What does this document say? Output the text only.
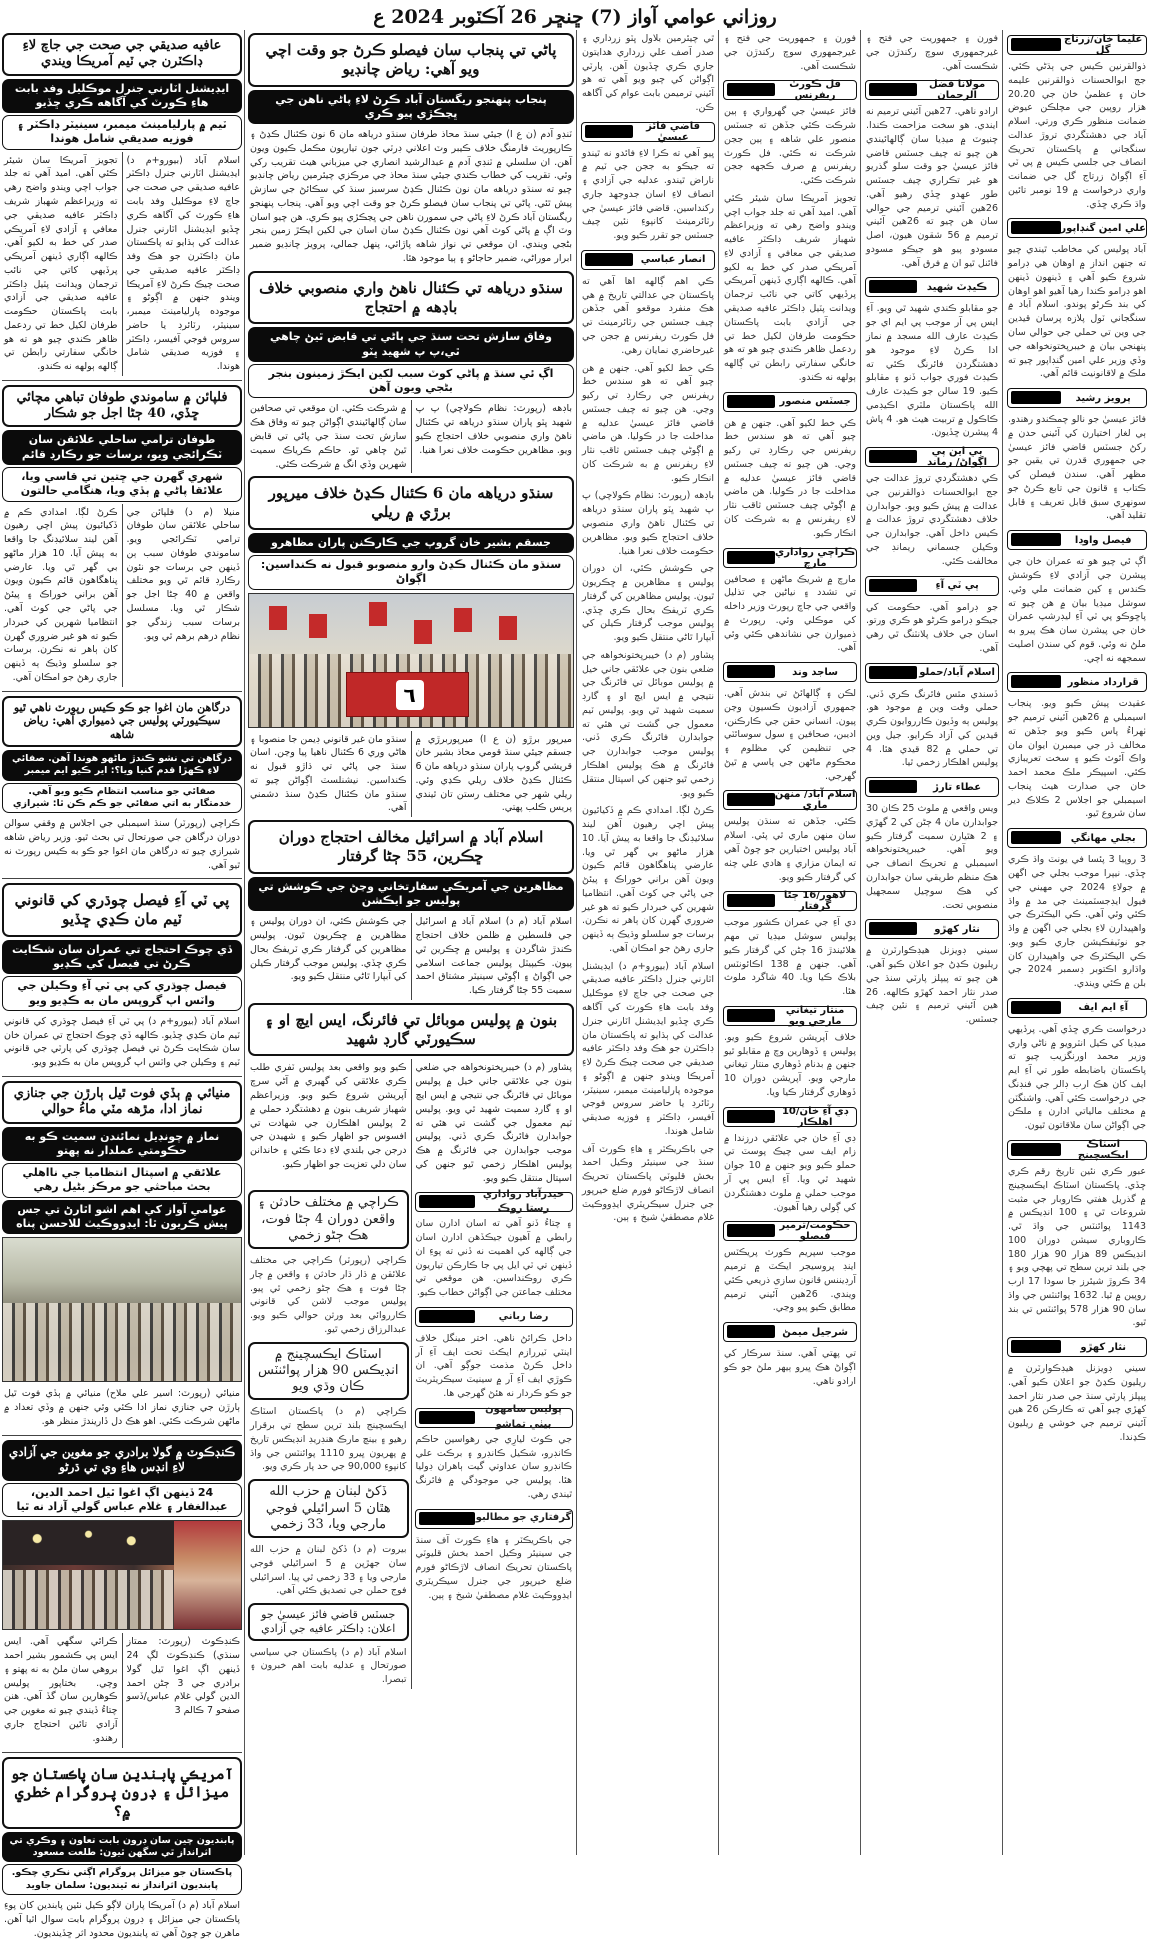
روزاني عوامي آواز (7) ڇنڇر 26 آڪٽوبر 2024 ع
عافيه صديقي جي صحت جي جاچ لاءِ ڊاڪٽرن جي ٽيم آمريڪا ويندي
ايڊيشنل اٽارني جنرل موڪليل وفد بابت هاءِ ڪورٽ کي آگاهه ڪري ڇڏيو
ٽيم ۾ پارليامينٽ ميمبر، سينيٽر ڊاڪٽر ۽ فوزيه صديقي شامل هوندا
اسلام آباد (بيورو+م د) ايڊيشنل اٽارني جنرل ڊاڪٽر عافيه صديقي جي صحت جي جاچ لاءِ موڪليل وفد بابت هاءِ ڪورٽ کي آگاهه ڪري ڇڏيو ايڊيشنل اٽارني جنرل عدالت کي ٻڌايو ته پاڪستان مان ڊاڪٽرن جو هڪ وفد ڊاڪٽر عافيه صديقي جي صحت چيڪ ڪرڻ لاءِ آمريڪا ويندو جنهن ۾ اڳوڻو ۽ موجوده پارليامينٽ ميمبر، سينيٽر، رٽائرڊ يا حاضر سروس فوجي آفيسر، ڊاڪٽر ۽ فوزيه صديقي شامل هوندا.
تجويز آمريڪا سان شيئر ڪئي آهي. اميد آهي ته جلد جواب اچي ويندو واضح رهي ته وزيراعظم شهباز شريف ڊاڪٽر عافيه صديقي جي معافي ۽ آزادي لاءِ آمريڪي صدر کي خط به لکيو آهي. ڪالهه اڳاري ڏينهن آمريڪي پرڏيهي کاتي جي نائب ترجمان ويدانت پٽيل ڊاڪٽر عافيه صديقي جي آزادي بابت پاڪستان حڪومت طرفان لکيل خط تي ردعمل ظاهر ڪندي چيو هو ته هو خانگي سفارتي رابطن تي ڳالهه ٻولهه نه ڪندو.
فلپائن ۾ ساموندي طوفان تباهي مچائي ڇڏي، 40 ڄڻا اجل جو شڪار
طوفان ترامي ساحلي علائقن سان ٽڪرائجي ويو، برسات جو رڪارڊ قائم
شهري گهرن جي ڇتين تي قاسي ويا، علائقا پاڻي ۾ ٻڏي ويا، هنگامي حالتون
منيلا (م د) فلپائن جي ساحلي علائقن سان طوفان ترامي ٽڪرائجي ويو. ساموندي طوفان سبب ٻن ڏينهن جي برسات جو نئون رڪارڊ قائم ٿي ويو مختلف واقعن ۾ 40 ڄڻا اجل جو شڪار ٿي ويا. مسلسل برسات سبب زندگي جو نظام درهم برهم ٿي ويو.
ڪرڻ لڳا. امدادي ڪم ۾ ڏکيائيون پيش اچي رهيون آهن ليند سلائيڊنگ جا واقعا به پيش آيا. 10 هزار ماڻهو بي گهر ٿي ويا. عارضي پناهگاهون قائم ڪيون ويون آهن براني خوراڪ ۽ پيئڻ جي پاڻي جي کوٽ آهي. انتظاميا شهرين کي خبردار ڪيو ته هو غير ضروري گهرن کان ٻاهر نه نڪرن. برسات جو سلسلو وڌيڪ ٻه ڏينهن جاري رهڻ جو امڪان آهي.
درگاهن مان اغوا جو ڪو ڪيس رپورٽ ناهي ٿيو سيڪيورٽي پوليس جي ذميواري آهي: رياض شاهه
درگاهن تي نشو ڪندڙ ماڻهو هوندا آهن. صفائي لاءِ ڪهڙا قدم کنيا ويا؟: اير ڪيو ايم ميمبر
صفائي جو مناسب انتظام ڪيو ويو آهي. خدمتگار به اتي صفائي جو ڪم ڪن ٿا: شيرازي
ڪراچي (رپورٽر) سنڌ اسيمبلي جي اجلاس ۾ وقفي سوالن دوران درگاهن جي صورتحال تي بحث ٿيو. وزير رياض شاهه شيرازي چيو ته درگاهن مان اغوا جو ڪو به ڪيس رپورٽ نه ٿيو آهي.
پي ٽي آءِ فيصل چوڌري کي قانوني ٽيم مان ڪڍي ڇڏيو
ڏي چوڪ احتجاج تي عمران سان شڪايت ڪرڻ تي فيصل کي ڪڍيو
فيصل چوڌري کي پي ٽي آءِ وڪيلن جي واٽس اپ گروپس مان به ڪڍيو ويو
اسلام آباد (بيورو+م د) پي ٽي آءِ فيصل چوڌري کي قانوني ٽيم مان ڪڍي ڇڏيو. ڪالهه ڏي چوڪ احتجاج تي عمران خان سان شڪايت ڪرڻ تي فيصل چوڌري کي پارٽي جي قانوني ٽيم ۽ وڪيلن جي واٽس اپ گروپس مان به ڪڍيو ويو.
منيائي ۾ ٻڏي فوت ٿيل ٻارڙن جي جنازي نماز ادا، مڙهه مٽي ماءُ حوالي
نماز ۾ چونڊيل نمائندن سميت ڪو به حڪومتي عملدار نه پهتو
علائقي ۾ اسپتال انتظاميا جي نااهلي بحث مباحثي جو مرڪز بڻيل رهي
عوامي آواز کي اهم اشو اٿارڻ تي جس پيش ڪريون ٿا: ايڊووڪيٽ للاحسن پناه
منيائي (رپورٽ: اسير علي ملاح) منيائي ۾ ٻڏي فوت ٿيل ٻارڙن جي جنازي نماز ادا ڪئي وئي جنهن ۾ وڏي تعداد ۾ ماڻهن شرڪت ڪئي. اهو هڪ دل ڏاريندڙ منظر هو.
ڪنڊڪوٽ ۾ گولا برادري جو مغوين جي آزادي لاءِ انڊس هاءِ وي تي ڌرڻو
24 ڏينهن اڳ اغوا ٿيل احمد الدين، عبدالغفار ۽ غلام عباس گولي آزاد نه ٿيا
ڪنڊڪوٽ (رپورٽ: ممتاز سنڌي) ڪنڊڪوٽ لڳ 24 ڏينهن اڳ اغوا ٿيل گولا برادري جي 3 ڄڻن احمد الدين گولي غلام عباس/ڏسو صفحو 7 ڪالم 3
ڪرائي سگهي آهي. ايس ايس پي ڪشمور بشير احمد بروهي سان ملڻ به نه پهتو ۽ وچي. بختاپور پوليس ڪوهارين سان گڏ آهي. هنن چتاءُ ڏيندي چيو ته مغوين جي آزادي تائين احتجاج جاري رهندو.
آمريڪي پابندين سان پاڪستان جو ميزائل ۽ ڊرون پروگرام خطري ۾؟
پابنديون چين سان ڊرون بابت تعاون ۽ وڪري تي اثرانداز ٿي سگهن ٿيون: طلعت مسعود
پاڪستان جو ميزائل پروگرام اڳتي نڪري چڪو. پابنديون اثرانداز نه ٿينديون: سلمان جاويد
اسلام آباد (م د) آمريڪا پاران لاڳو ڪيل نئين پابندين کان پوءِ پاڪستان جي ميزائل ۽ ڊرون پروگرام بابت سوال اٿيا آهن. ماهرن جو چوڻ آهي ته پابنديون محدود اثر ڇڏينديون.
پاڻي تي پنجاب سان فيصلو ڪرڻ جو وقت اچي ويو آهي: رياض چانڊيو
پنجاب پنهنجو ريگستان آباد ڪرڻ لاءِ پاڻي ناهن جي ڀڃڪڙي پيو ڪري
ٽنڊو آدم (ن ع ا) جيئي سنڌ محاذ طرفان سنڌو درياهه مان 6 نون ڪئنال ڪڍڻ ۽ ڪارپوريٽ فارمنگ خلاف ڪيبر وٽ اعلاني ڊرٽي جون تياريون مڪمل ڪيون ويون آهن. ان سلسلي ۾ ٽنڊي آدم ۾ عبدالرشيد انصاري جي ميزباني هيٺ تقريب رکي وئي. تقريب کي خطاب ڪندي جيئي سنڌ محاذ جي مرڪزي چيئرمين رياض چانڊيو چيو ته سنڌو درياهه مان نون ڪئنال ڪڍڻ سرسبز سنڌ کي سڪائڻ جي سازش پيش ٿئي. پاڻي تي پنجاب سان فيصلو ڪرڻ جو وقت اچي ويو آهي. پنجاب پنهنجو ريگستان آباد ڪرڻ لاءِ پاڻي جي سمورن ناهن جي ڀڃڪڙي پيو ڪري. هن چيو اسان وٽ اڳ ۾ پاڻي کوٽ آهي نون ڪئنال ڪڍڻ سان اسان جي لکين ايڪڙ زمين بنجر بڻجي ويندي. ان موقعي تي نواز شاهه پاڙائي، پنهل جمالي، پرويز چانڊيو ضمير ابرار موراڻي، ضمير حاجاڻو ۽ ٻيا موجود هئا.
سنڌو درياهه تي ڪئنال ناهڻ واري منصوبي خلاف باڊهه ۾ احتجاج
وفاق سازش تحت سنڌ جي پاڻي تي قابض ٿيڻ چاهي ٿي،پ پ شهيد ڀٽو
اڳ ئي سنڌ ۾ پاڻي کوٽ سبب لکين ايڪڙ زمينون بنجر بڻجي ويون آهن
باڊهه (رپورٽ: نظام ڪولاچي) پ پ شهيد ڀٽو پاران سنڌو درياهه تي ڪئنال ناهڻ واري منصوبي خلاف احتجاج ڪيو ويو. مظاهرين حڪومت خلاف نعرا هنيا.
۾ شرڪت ڪئي. ان موقعي تي صحافين سان ڳالهائيندي اڳواڻن چيو ته وفاق هڪ سازش تحت سنڌ جي پاڻي تي قابض ٿيڻ چاهي ٿو. حاڪم ڪرياڪ سميت شهرين وڏي انگ ۾ شرڪت ڪئي.
سنڌو درياهه مان 6 ڪئنال ڪڍڻ خلاف ميرپور برڙي ۾ ريلي
جسقم بشير خان گروپ جي ڪارڪنن پاران مظاهرو
سنڌو مان ڪئنال ڪڍڻ وارو منصوبو قبول نه ڪنداسين: اڳواڻ
٦
ميرپور برڙو (ن ع ا) ميرپوربرڙي ۾ جسقم جيئي سنڌ قومي محاذ بشير خان قريشي گروپ پاران سنڌو درياهه مان 6 ڪئنال ڪڍڻ خلاف ريلي ڪڍي وئي. ريلي شهر جي مختلف رستن تان ٿيندي پريس ڪلب پهتي.
سنڌو مان غير قانوني ڊيمن جا منصوبا ۽ هاڻي وري 6 ڪئنال ناهيا پيا وڃن. اسان سنڌ جي پاڻي تي ڌاڙو قبول نه ڪنداسين. نيشنلسٽ اڳواڻن چيو ته سنڌو مان ڪئنال ڪڍڻ سنڌ دشمني آهي.
اسلام آباد ۾ اسرائيل مخالف احتجاج دوران ڇڪرين، 55 ڄڻا گرفتار
مظاهرين جي آمريڪي سفارتخاني وڃڻ جي ڪوشش تي پوليس جو ايڪشن
اسلام آباد (م د) اسلام آباد ۾ اسرائيل جي فلسطين ۾ ظلمن خلاف احتجاج ڪندڙ شاگردن ۽ پوليس ۾ ڇڪرين ٿي پيون. ڪيپيٽل پوليس جماعت اسلامي جي اڳواڻ ۽ اڳوڻي سينيٽر مشتاق احمد سميت 55 ڄڻا گرفتار ڪيا.
جي ڪوشش ڪئي، ان دوران پوليس ۽ مظاهرين ۾ ڇڪريون ٿيون. پوليس مظاهرين کي گرفتار ڪري ٽريفڪ بحال ڪري ڇڏي. پوليس موجب گرفتار ڪيلن کي آبپارا ٿاڻي منتقل ڪيو ويو.
بنون ۾ پوليس موبائل تي فائرنگ، ايس ايچ او ۽ سڪيورٽي گارڊ شهيد
پشاور (م د) خيبرپختونخواهه جي ضلعي بنون جي علائقي جاني خيل ۾ پوليس موبائل تي فائرنگ جي نتيجي ۾ ايس ايچ او ۽ گارڊ سميت شهيد ٿي ويو. پوليس ٽيم معمول جي گشت تي هئي ته جوابدارن فائرنگ ڪري ڏني. پوليس موجب جوابدارن جي فائرنگ ۾ هڪ پوليس اهلڪار زخمي ٿيو جنهن کي اسپتال منتقل ڪيو ويو.
ڪيو ويو واقعي بعد پوليس ٽفري طلب ڪري علائقي کي گهيري ۾ آڻي سرچ آپريشن شروع ڪيو ويو. وزيراعظم شهباز شريف بنون ۾ دهشتگرد حملي ۾ 2 پوليس اهلڪارن جي شهادت تي افسوس جو اظهار ڪيو ۽ شهيدن جي درجن جي بلندي لاءِ دعا ڪئي ۽ خاندانن سان دلي تعزيت جو اظهار ڪيو.
حيدرآباد رواداري رستا روڪ
۽ چتاءُ ڏنو آهي ته اسان ادارن سان رابطي ۾ آهيون جيڪڏهن ادارن اسان جي ڳالهه کي اهميت نه ڏني ته پوءِ ان ڏينهن تي ٽي ايل پي جا ڪارڪن تياريون ڪري روڪنداسين. هن موقعي تي مختلف جماعتن جي اڳواڻن خطاب ڪيو.
رضا رباني
داخل ڪرائڻ ناهي. اختر مينگل خلاف اينٽي ٽيررازم ايڪٽ تحت ايف آءِ آر داخل ڪرڻ مذمت جوڳو آهي. ان ڪوڙي ايف آءِ آر ۾ سينيٽ سيڪريٽريٽ جو ڪو ڪردار نه هئڻ گهرجي ها.
پوليس سامهون بيٺي تماشو
جي ڪوٽ ليارِي جي رهواسين حاڪم ڪانڊرو، شڪيل ڪانڊرو ۽ برڪت علي ڪانڊرو سان عداوتي گيت ٻاهران ڊوليا هئا. پوليس جي موجودگي ۾ فائرنگ ٿيندي رهي.
گرفتاري جو مطالبو
جي باڪريڪٽر ۽ هاءِ ڪورٽ آف سنڌ جي سينيئر وڪيل احمد بخش قليوٽي پاڪستان تحريڪ انصاف لاڙڪاڻو فورم ضلع خيرپور جي جنرل سيڪريٽري ايڊووڪيٽ غلام مصطفيٰ شيخ ۽ ٻين.
ڪراچي ۾ مختلف حادثن ۽ واقعن دوران 4 ڄڻا فوت، هڪ ڄڻو زخمي
ڪراچي (رپورٽر) ڪراچي جي مختلف علائقن ۾ ڌار ڌار حادثن ۽ واقعن ۾ چار ڄڻا فوت ۽ هڪ ڄڻو زخمي ٿي پيو. پوليس موجب لاشن کي قانوني ڪارروائي بعد ورثن حوالي ڪيو ويو. عبدالرزاق زخمي ٿيو.
اسٽاڪ ايڪسچينج ۾ انڊيڪس 90 هزار پوائنٽس ڪان وڌي ويو
ڪراچي (م د) پاڪستان اسٽاڪ ايڪسچينج بلند ترين سطح تي برقرار رهيو ۽ بينچ مارڪ هنڊريڊ انڊيڪس تاريخ ۾ پهريون ڀيرو 1110 پوائنٽس جي واڌ کانپوءِ 90,000 جي حد پار ڪري ويو.
ڏکڻ لبنان ۾ حزب الله هٿان 5 اسرائيلي فوجي مارجي ويا، 33 زخمي
بيروت (م د) ڏکڻ لبنان ۾ حزب الله سان جهڙپن ۾ 5 اسرائيلي فوجي مارجي ويا ۽ 33 زخمي ٿي پيا. اسرائيلي فوج حملن جي تصديق ڪئي آهي.
جسٽس قاضي فائز عيسيٰ جو اعلان: ڊاڪٽر عافيه جي آزادي
اسلام آباد (م د) پاڪستان جي سياسي صورتحال ۽ عدليه بابت اهم خبرون ۽ تبصرا.
ٿي چيئرمين بلاول ڀٽو زرداري ۽ صدر آصف علي زرداري هدايتون جاري ڪري ڇڏيون آهن. پارٽي اڳواڻن کي چيو ويو آهي ته هو آئيني ترميمن بابت عوام کي آگاهه ڪن.
قاضي فائز عيسيٰ
ڀيو آهي ته ڪرا لاءِ فائدو نه ٿيندو ته جيڪو به ججن جي ٽيم ۾ ناراض ٿيندو. عدليه جي آزادي ۽ انصاف لاءِ اسان جدوجهد جاري رکنداسين. قاضي فائز عيسيٰ جي رٽائرمينٽ کانپوءِ نئين چيف جسٽس جو تقرر ڪيو ويو.
انصار عباسي
ڪي اهم ڳالهه اها آهي ته پاڪستان جي عدالتي تاريخ ۾ هي هڪ منفرد موقعو آهي جڏهن چيف جسٽس جي رٽائرمينٽ تي فل ڪورٽ ريفرنس ۾ ججن جي غيرحاضري نمايان رهي.
ڪي خط لکيو آهي. جنهن ۾ هن چيو آهي ته هو سندس خط ريفرنس جي رڪارڊ تي رکيو وڃي. هن چيو ته چيف جسٽس قاضي فائز عيسيٰ عدليه ۾ مداخلت جا در ڪوليا. هن ماضي ۾ اڳوڻي چيف جسٽس ثاقب نثار لاءِ ريفرنس ۾ به شرڪت کان انڪار ڪيو.
باڊهه (رپورٽ: نظام ڪولاچي) پ پ شهيد ڀٽو پاران سنڌو درياهه تي ڪئنال ناهڻ واري منصوبي خلاف احتجاج ڪيو ويو. مظاهرين حڪومت خلاف نعرا هنيا.
جي ڪوشش ڪئي، ان دوران پوليس ۽ مظاهرين ۾ ڇڪريون ٿيون. پوليس مظاهرين کي گرفتار ڪري ٽريفڪ بحال ڪري ڇڏي. پوليس موجب گرفتار ڪيلن کي آبپارا ٿاڻي منتقل ڪيو ويو.
پشاور (م د) خيبرپختونخواهه جي ضلعي بنون جي علائقي جاني خيل ۾ پوليس موبائل تي فائرنگ جي نتيجي ۾ ايس ايچ او ۽ گارڊ سميت شهيد ٿي ويو. پوليس ٽيم معمول جي گشت تي هئي ته جوابدارن فائرنگ ڪري ڏني. پوليس موجب جوابدارن جي فائرنگ ۾ هڪ پوليس اهلڪار زخمي ٿيو جنهن کي اسپتال منتقل ڪيو ويو.
ڪرڻ لڳا. امدادي ڪم ۾ ڏکيائيون پيش اچي رهيون آهن ليند سلائيڊنگ جا واقعا به پيش آيا. 10 هزار ماڻهو بي گهر ٿي ويا. عارضي پناهگاهون قائم ڪيون ويون آهن براني خوراڪ ۽ پيئڻ جي پاڻي جي کوٽ آهي. انتظاميا شهرين کي خبردار ڪيو ته هو غير ضروري گهرن کان ٻاهر نه نڪرن. برسات جو سلسلو وڌيڪ ٻه ڏينهن جاري رهڻ جو امڪان آهي.
اسلام آباد (بيورو+م د) ايڊيشنل اٽارني جنرل ڊاڪٽر عافيه صديقي جي صحت جي جاچ لاءِ موڪليل وفد بابت هاءِ ڪورٽ کي آگاهه ڪري ڇڏيو ايڊيشنل اٽارني جنرل عدالت کي ٻڌايو ته پاڪستان مان ڊاڪٽرن جو هڪ وفد ڊاڪٽر عافيه صديقي جي صحت چيڪ ڪرڻ لاءِ آمريڪا ويندو جنهن ۾ اڳوڻو ۽ موجوده پارليامينٽ ميمبر، سينيٽر، رٽائرڊ يا حاضر سروس فوجي آفيسر، ڊاڪٽر ۽ فوزيه صديقي شامل هوندا.
جي باڪريڪٽر ۽ هاءِ ڪورٽ آف سنڌ جي سينيئر وڪيل احمد بخش قليوٽي پاڪستان تحريڪ انصاف لاڙڪاڻو فورم ضلع خيرپور جي جنرل سيڪريٽري ايڊووڪيٽ غلام مصطفيٰ شيخ ۽ ٻين.
فورن ۽ جمهوريت جي فتح ۽ غيرجمهوري سوچ رکندڙن جي شڪست آهي.
قل ڪورٽ ريفرنس
فائز عيسيٰ جي گهرواري ۽ ٻين شرڪت ڪئي جڏهن ته جسٽس منصور علي شاهه ۽ ٻين ججن شرڪت نه ڪئي. فل ڪورٽ ريفرنس ۾ صرف ڪجهه ججن شرڪت ڪئي.
تجويز آمريڪا سان شيئر ڪئي آهي. اميد آهي ته جلد جواب اچي ويندو واضح رهي ته وزيراعظم شهباز شريف ڊاڪٽر عافيه صديقي جي معافي ۽ آزادي لاءِ آمريڪي صدر کي خط به لکيو آهي. ڪالهه اڳاري ڏينهن آمريڪي پرڏيهي کاتي جي نائب ترجمان ويدانت پٽيل ڊاڪٽر عافيه صديقي جي آزادي بابت پاڪستان حڪومت طرفان لکيل خط تي ردعمل ظاهر ڪندي چيو هو ته هو خانگي سفارتي رابطن تي ڳالهه ٻولهه نه ڪندو.
جسٽس منصور
ڪي خط لکيو آهي. جنهن ۾ هن چيو آهي ته هو سندس خط ريفرنس جي رڪارڊ تي رکيو وڃي. هن چيو ته چيف جسٽس قاضي فائز عيسيٰ عدليه ۾ مداخلت جا در ڪوليا. هن ماضي ۾ اڳوڻي چيف جسٽس ثاقب نثار لاءِ ريفرنس ۾ به شرڪت کان انڪار ڪيو.
ڪراچي رواداري مارچ
مارچ ۾ شريڪ ماڻهن ۽ صحافين تي تشدد ۽ نياڻين جي تذليل واقعي جي جاچ رپورٽ وزير داخله کي موڪلي وئي. رپورٽ ۾ ذميوارن جي نشاندهي ڪئي وئي آهي.
ساجد وند
لڪن ۽ ڳالهائڻ تي بندش آهي. جمهوري آزاديون ڪسيون وڃن پيون. انساني حقن جي ڪارڪنن، اديبن، صحافين ۽ سول سوسائٽي جي تنظيمن کي مظلوم ۽ محڪوم ماڻهن جي پاسي ۾ ٿيڻ گهرجي.
اسلام آباد/ منهن ماري
ڪئي. جڏهن ته سنڌن پوليس سان منهن ماري ٿي پئي. اسلام آباد پوليس اختيارين جو چوڻ آهي ته ايمان مزاري ۽ هادي علي چٺه کي گرفتار ڪيو ويو.
لاهور/16 ڄڻا گرفتار
دي آءِ جي عمران ڪشور موجب پوليس سوشل ميڊيا تي مهم هلائيندڙ 16 ڄڻن کي گرفتار ڪيو آهي. جنهن ۾ 138 اڪائونٽس بلاڪ ڪيا ويا. 40 شاگرد ملوث هئا.
منتار تيغاني مارجي ويو
خلاف آپريشن شروع ڪيو ويو. پوليس ۽ ڏوهارين وچ ۾ مقابلو ٿيو جنهن ۾ بدنام ڏوهاري منتار تيغاني مارجي ويو. آپريشن دوران 10 ڏوهاري گرفتار ڪيا ويا.
ڊي آءِ خان/10 اهلڪار
ڊي آءِ خان جي علائقي درزندا ۾ زام ايف سي چيڪ پوسٽ تي حملو ڪيو ويو جنهن ۾ 10 جوان شهيد ٿي ويا. آءِ ايس پي آر موجب حملي ۾ ملوث دهشتگردن کي ڳولي رهيا آهيون.
حڪومت/ترمير فيصلو
موجب سپريم ڪورٽ پريڪٽس اينڊ پروسيجر ايڪٽ ۾ ترميم آرڊيننس قانون سازي ذريعي ڪئي ويندي. 26هين آئيني ترميم مطابق ڪيو پيو وڃي.
شرجيل ميمڻ
تي پهتي آهي. سنڌ سرڪار کي اڳواڻ هڪ ڀيرو ٻيهر ملڻ جو ڪو ارادو ناهي.
فورن ۽ جمهوريت جي فتح ۽ غيرجمهوري سوچ رکندڙن جي شڪست آهي.
مولانا فضل الرحمان
ارادو ناهي. 27هين آئيني ترميم نه ايندي. هو سخت مزاحمت ڪندا. چنيوٽ ۾ ميڊيا سان ڳالهائيندي هن چيو ته چيف جسٽس قاضي فائز عيسيٰ جو وقت سلو گذريو هو غير تڪراري چيف جسٽس طور عهدو ڇڏي رهيو آهي. 26هين آئيني ترميم جي حوالي سان هن چيو ته 26هين آئيني ترميم ۾ 56 شقون هيون، اصل مسودو پيو هو جيڪو مسودو فائنل ٿيو ان ۾ فرق آهي.
ڪيڊٽ شهيد
جو مقابلو ڪندي شهيد ٿي ويو. آءِ ايس پي آر موجب پي ايم اي جو ڪيڊٽ عارف الله مسجد ۾ نماز ادا ڪرڻ لاءِ موجود هو دهشتگردن فائرنگ ڪئي ته ڪيڊٽ فوري جواب ڏنو ۽ مقابلو ڪيو. 19 سالن جو ڪيڊٽ عارف الله پاڪستان ملٽري اڪيڊمي ڪاڪول ۾ تربيت هيٺ هو. 4 پاش 4 پيشرن ڇڏيون.
بي اين پي اڳواڻ/ رماند
ڪي دهشتگردي تروڙ عدالت جي جج ابوالحسنات ذوالقرنين جي عدالت ۾ پيش ڪيو ويو. جوابدارن خلاف دهشتگردي تروڙ عدالت ۾ ڪيس داخل آهي. جوابدارن جي وڪيلن جسماني ريمانڊ جي مخالفت ڪئي.
پي ٽي آءِ
جو ڊرامو آهي. حڪومت کي جيڪو ڊرامو ڪرڻو هو ڪري ورتو. اسان جي خلاف پلانٽنگ ٿي رهي آهي.
اسلام آباد/حملو
ڏسندي مٿس فائرنگ ڪري ڏني. حملي وقت وين ۾ موجود هو. پوليس ٻه وڏيون ڪارروايون ڪري قيدين کي آزاد ڪرايو. جيل وين تي حملي ۾ 82 قيدي هئا. 4 پوليس اهلڪار زخمي ٿيا.
عطاء تارڙ
ويس واقعي ۾ ملوث 25 ڪان 30 جوابدارن مان 4 ڄڻن کي 2 گهڙي ۽ 2 هٿيارن سميت گرفتار ڪيو ويو آهي. خيبرپختونخواهه اسيمبلي ۾ تحريڪ انصاف جي هڪ منظم طريقي سان جوابدارن کي هڪ سوچيل سمجهيل منصوبي تحت.
نثار کهڙو
سيني ڊويزنل هيڊڪوارٽرن ۾ ريليون ڪڍڻ جو اعلان ڪيو آهي. هن چيو ته پيپلز پارٽي سنڌ جي صدر نثار احمد کهڙو ڪالهه. 26 هين آئيني ترميم ۽ نئين چيف جسٽس.
عليما خان/زرتاج گل
ذوالقرنين ڪيس جي ٻڌڻي ڪئي. جج ابوالحسنات ذوالقرنين عليمه خان ۽ عظميٰ خان جي 20.20 هزار روپين جي مچلڪن عيوض ضمانت منظور ڪري ورتي. اسلام آباد جي دهشتگردي تروڙ عدالت سنگجاني ۾ پاڪستان تحريڪ انصاف جي جلسي ڪيس ۾ پي ٽي آءِ اڳواڻ زرتاج گل جي ضمانت واري درخواست ۾ 19 نومبر تائين واڌ ڪري ڇڏي.
علي امين گنڊاپور
آباد پوليس کي مخاطب ٿيندي چيو ته جنهن انداز ۾ اوهان هي ڊرامو شروع ڪيو آهي ۽ ڏينهون ڏينهن اهو ڊرامو ڪندا رهيا آهيو اهو اوهان کي بند ڪرڻو پوندو. اسلام آباد ۾ سنگجاني ٽول پلازه پرسان قيدين جي وين تي حملي جي حوالي سان پنهنجي بيان ۾ خيبرپختونخواهه جي وڏي وزير علي امين گنڊاپور چيو ته ملڪ ۾ لاقانونيت قائم آهي.
پرويز رشيد
فائز عيسيٰ جو نالو چمڪندو رهندو. ٻي لغار اختيارن کي آئيني حدن ۾ رکڻ جسٽس قاضي فائز عيسيٰ جي جمهوري قدرن تي يقين جو مظهر آهي. سندن فيصلن کي ڪتاب ۽ قانون جي تابع ڪرڻ جو سونهري سبق قابل تعريف ۽ قابل تقليد آهي.
فيصل واوڊا
اڳ ئي چيو هو ته عمران خان جي پيشرن جي آزادي لاءِ ڪوشش ڪندس ۽ کين ضمانت ملي وئي. سوشل ميڊيا بيان ۾ هن چيو ته پاڇوڪو پي ٽي آءِ ليڊرشپ عمران خان جي پيشرن سان هڪ پيرو به ملڻ نه وئي. قوم کي سندن اصليت سمجهه نه اچي.
قرارداد منظور
عقيدت پيش ڪيو ويو. پنجاب اسيمبلي ۾ 26هين آئيني ترميم جو ٺهراءُ پاس ڪيو ويو جڏهن ته مخالف ڌر جي ميمبرن ايوان مان واڪ آئوٽ ڪيو ۽ سخت تعريبازي ڪئي. اسپيڪر ملڪ محمد احمد خان جي صدارت هيٺ پنجاب اسيمبلي جو اجلاس 2 ڪلاڪ دير سان شروع ٿيو.
بجلي مهانگي
3 روپيا 3 پئسا في يونٽ واڌ ڪري ڇڏي. نيپرا موجب بجلي جي اگهن ۾ جولاءِ 2024 جي مهيني جي فيول ايڊجسٽمينٽ جي مد ۾ واڌ ڪئي وئي آهي. ڪي اليڪٽرڪ جي واهپيدارن لاءِ بجلي جي اگهن ۾ واڌ جو نوٽيفڪيشن جاري ڪيو ويو. ڪي اليڪٽرڪ جي واهپيدارن کان واڌارو اڪتوبر ڊسمبر 2024 جي بلن ۾ ڪئي ويندي.
آءِ ايم ايف
درخواست ڪري ڇڏي آهي. پرڏيهي ميڊيا کي ڪيل انٽرويو ۾ ناڻي واري وزير محمد اورنگزيب چيو ته پاڪستان باضابطه طور تي آءِ ايم ايف کان هڪ ارب ڊالر جي فنڊنگ جي درخواست ڪئي آهي. واشنگٽن ۾ مختلف مالياتي ادارن ۽ ملڪن جي اڳواڻن سان ملاقاتون ٿيون.
اسٽاڪ ايڪسچينج
عبور ڪري نئين تاريخ رقم ڪري ڇڏي. پاڪستان اسٽاڪ ايڪسچينج ۾ گذريل هفتي ڪاروبار جي مثبت شروعات ٿي ۽ 100 انڊيڪس ۾ 1143 پوائنٽس جي واڌ ٿي. ڪاروباري سيشن دوران 100 انڊيڪس 89 هزار 90 هزار 180 جي بلند ترين سطح تي پهچي ويو ۽ 34 ڪروڙ شيئرز جا سودا 17 ارب روپين ۾ ٿيا. 1632 پوائنٽس جي واڌ سان 90 هزار 578 پوائنٽس تي بند ٿيو.
نثار کهڙو
سيني ڊويزنل هيڊڪوارٽرن ۾ ريليون ڪڍڻ جو اعلان ڪيو آهي. پيپلز پارٽي سنڌ جي صدر نثار احمد کهڙي چيو آهي ته ڪارڪن 26 هين آئيني ترميم جي خوشي ۾ ريليون ڪڍندا.
